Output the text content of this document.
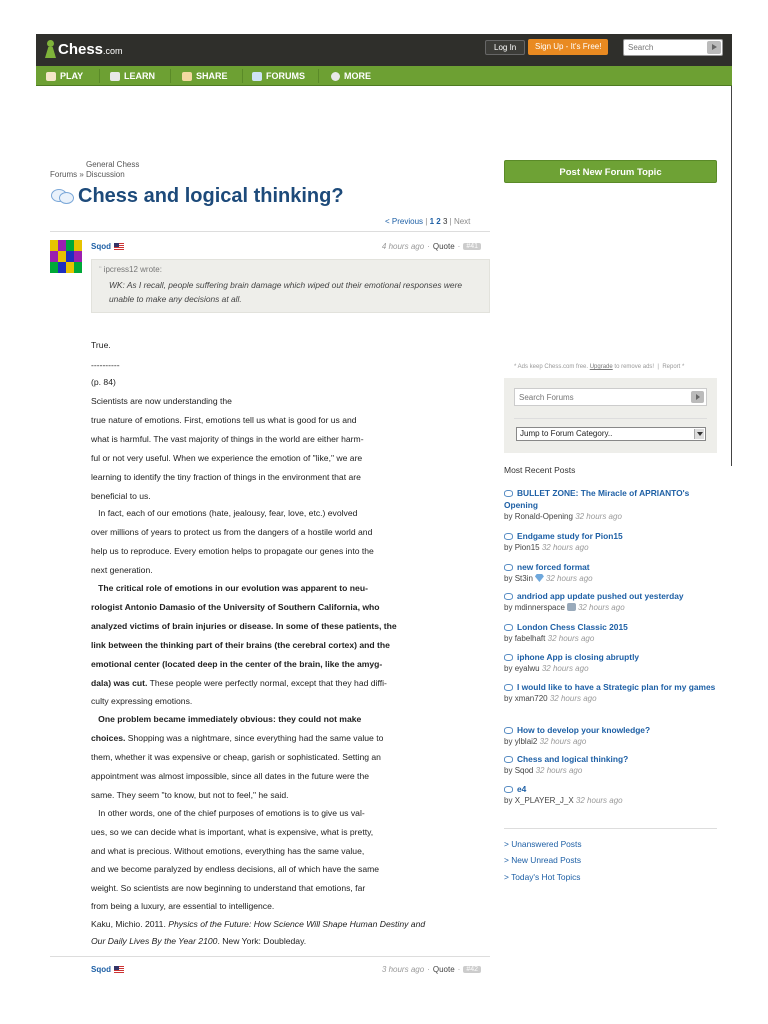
Chess .com	Log In	Sign Up - It's Free!
Search
PLAY	LEARN	SHARE	FORUMS	MORE
General Chess
Forums » Discussion
Chess and logical thinking?
< Previous | 1 2 3 | Next
Sqod	4 hours ago · Quote · #41
“ ipcress12 wrote:
WK: As I recall, people suffering brain damage which wiped out their emotional responses were unable to make any decisions at all.

True.

----------

(p. 84)

Scientists are now understanding the

true nature of emotions. First, emotions tell us what is good for us and

what is harmful. The vast majority of things in the world are either harm-

ful or not very useful. When we experience the emotion of "like," we are

learning to identify the tiny fraction of things in the environment that are

beneficial to us.

In fact, each of our emotions (hate, jealousy, fear, love, etc.) evolved

over millions of years to protect us from the dangers of a hostile world and

help us to reproduce. Every emotion helps to propagate our genes into the

next generation.

The critical role of emotions in our evolution was apparent to neu-

rologist Antonio Damasio of the University of Southern California, who

analyzed victims of brain injuries or disease. In some of these patients, the

link between the thinking part of their brains (the cerebral cortex) and the

emotional center (located deep in the center of the brain, like the amyg-

dala) was cut. These people were perfectly normal, except that they had diffi-

culty expressing emotions.

One problem became immediately obvious: they could not make

choices. Shopping was a nightmare, since everything had the same value to

them, whether it was expensive or cheap, garish or sophisticated. Setting an

appointment was almost impossible, since all dates in the future were the

same. They seem "to know, but not to feel," he said.

In other words, one of the chief purposes of emotions is to give us val-

ues, so we can decide what is important, what is expensive, what is pretty,

and what is precious. Without emotions, everything has the same value,

and we become paralyzed by endless decisions, all of which have the same

weight. So scientists are now beginning to understand that emotions, far

from being a luxury, are essential to intelligence.

Kaku, Michio. 2011. Physics of the Future: How Science Will Shape Human Destiny and

Our Daily Lives By the Year 2100. New York: Doubleday.

Sqod	3 hours ago · Quote · #42
Post New Forum Topic
* Ads keep Chess.com free. Upgrade to remove ads!  |  Report *
Search Forums
Jump to Forum Category..
Most Recent Posts
BULLET ZONE: The Miracle of APRIANTO's Opening
by Ronald-Opening 32 hours ago
Endgame study for Pion15
by Pion15 32 hours ago
new forced format
by St3in 32 hours ago
andriod app update pushed out yesterday
by mdinnerspace 32 hours ago
London Chess Classic 2015
by fabelhaft 32 hours ago
iphone App is closing abruptly
by eyalwu 32 hours ago
I would like to have a Strategic plan for my games
by xman720 32 hours ago
How to develop your knowledge?
by ylblai2 32 hours ago
Chess and logical thinking?
by Sqod 32 hours ago
e4
by X_PLAYER_J_X 32 hours ago
> Unanswered Posts
> New Unread Posts
> Today's Hot Topics
